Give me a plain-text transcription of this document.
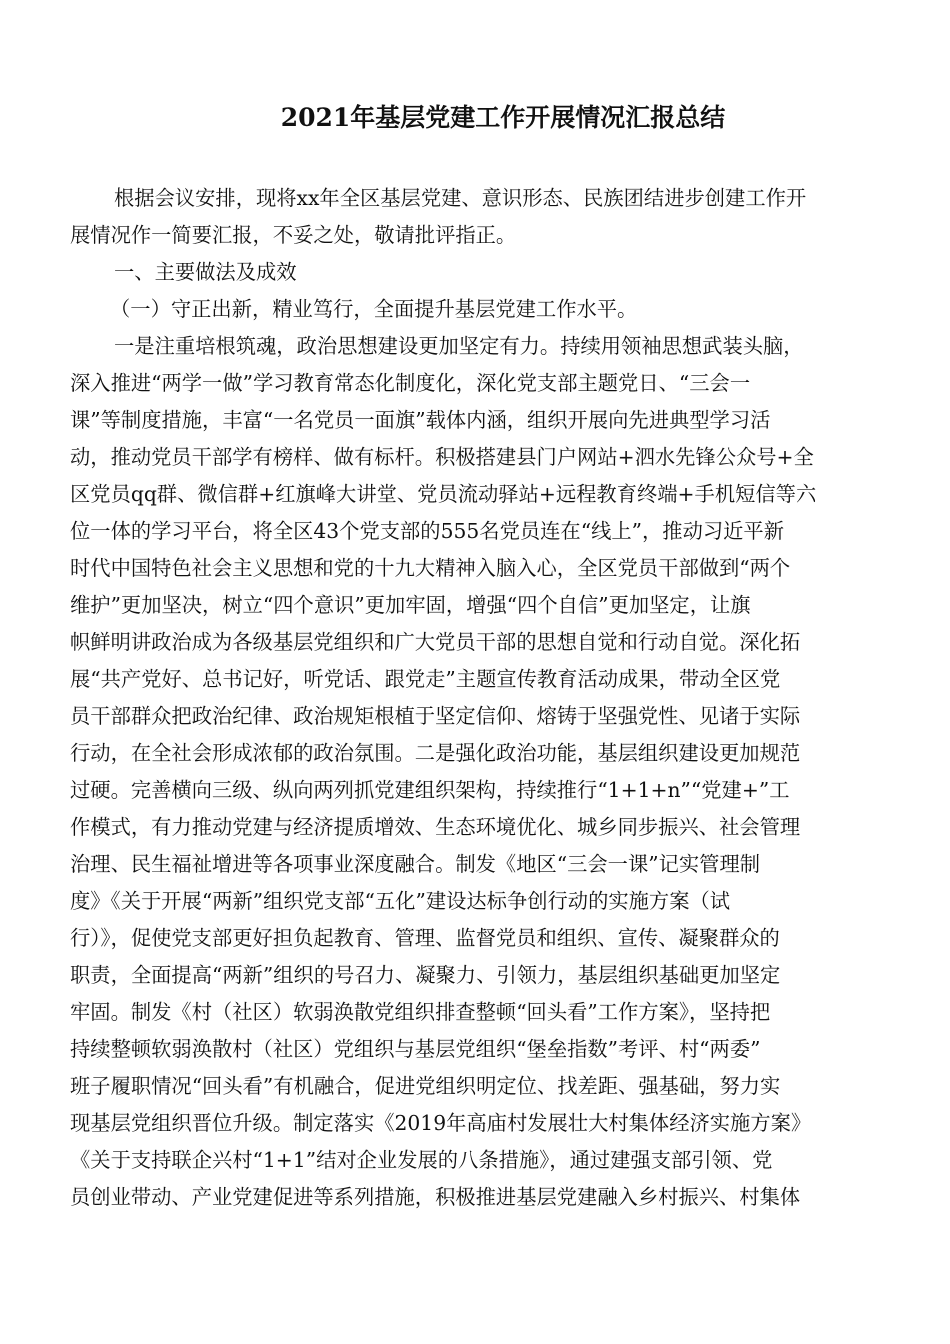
2021年基层党建工作开展情况汇报总结
根据会议安排，现将xx年全区基层党建、意识形态、民族团结进步创建工作开
展情况作一简要汇报，不妥之处，敬请批评指正。
一、主要做法及成效
（一）守正出新，精业笃行，全面提升基层党建工作水平。
一是注重培根筑魂，政治思想建设更加坚定有力。持续用领袖思想武装头脑，
深入推进“两学一做”学习教育常态化制度化，深化党支部主题党日、“三会一
课”等制度措施，丰富“一名党员一面旗”载体内涵，组织开展向先进典型学习活
动，推动党员干部学有榜样、做有标杆。积极搭建县门户网站+泗水先锋公众号+全
区党员qq群、微信群+红旗峰大讲堂、党员流动驿站+远程教育终端+手机短信等六
位一体的学习平台，将全区43个党支部的555名党员连在“线上”，推动习近平新
时代中国特色社会主义思想和党的十九大精神入脑入心，全区党员干部做到“两个
维护”更加坚决，树立“四个意识”更加牢固，增强“四个自信”更加坚定，让旗
帜鲜明讲政治成为各级基层党组织和广大党员干部的思想自觉和行动自觉。深化拓
展“共产党好、总书记好，听党话、跟党走”主题宣传教育活动成果，带动全区党
员干部群众把政治纪律、政治规矩根植于坚定信仰、熔铸于坚强党性、见诸于实际
行动，在全社会形成浓郁的政治氛围。二是强化政治功能，基层组织建设更加规范
过硬。完善横向三级、纵向两列抓党建组织架构，持续推行“1+1+n”“党建+”工
作模式，有力推动党建与经济提质增效、生态环境优化、城乡同步振兴、社会管理
治理、民生福祉增进等各项事业深度融合。制发《地区“三会一课”记实管理制
度》《关于开展“两新”组织党支部“五化”建设达标争创行动的实施方案（试
行）》，促使党支部更好担负起教育、管理、监督党员和组织、宣传、凝聚群众的
职责，全面提高“两新”组织的号召力、凝聚力、引领力，基层组织基础更加坚定
牢固。制发《村（社区）软弱涣散党组织排查整顿“回头看”工作方案》，坚持把
持续整顿软弱涣散村（社区）党组织与基层党组织“堡垒指数”考评、村“两委”
班子履职情况“回头看”有机融合，促进党组织明定位、找差距、强基础，努力实
现基层党组织晋位升级。制定落实《2019年高庙村发展壮大村集体经济实施方案》
《关于支持联企兴村“1+1”结对企业发展的八条措施》，通过建强支部引领、党
员创业带动、产业党建促进等系列措施，积极推进基层党建融入乡村振兴、村集体
